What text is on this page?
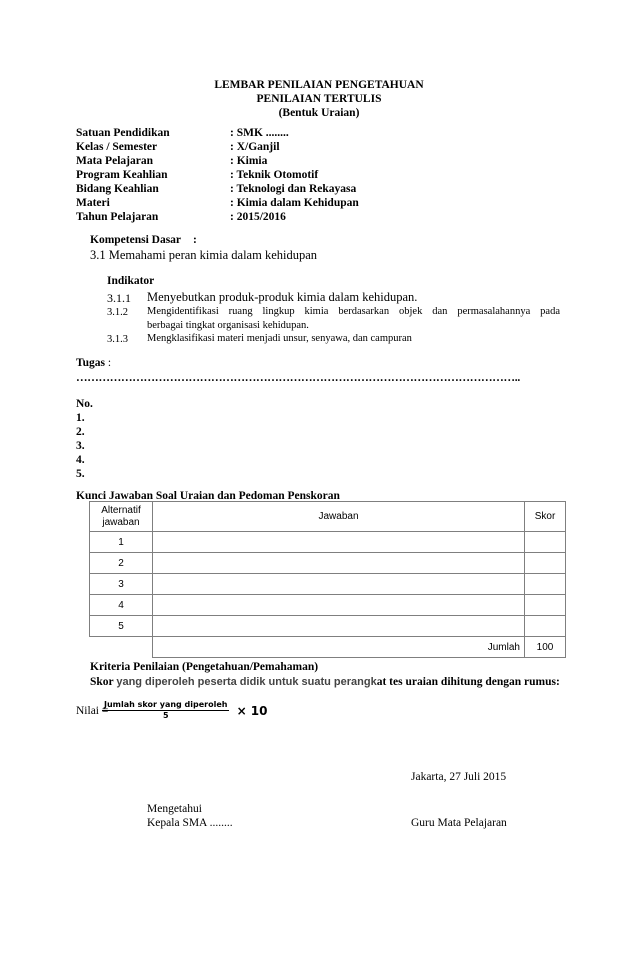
LEMBAR PENILAIAN PENGETAHUAN
PENILAIAN TERTULIS
(Bentuk Uraian)
Satuan Pendidikan	: SMK ........
Kelas / Semester	: X/Ganjil
Mata Pelajaran	: Kimia
Program Keahlian	: Teknik Otomotif
Bidang Keahlian	: Teknologi dan Rekayasa
Materi	: Kimia dalam Kehidupan
Tahun Pelajaran	: 2015/2016
Kompetensi Dasar :
3.1 Memahami peran kimia dalam kehidupan
Indikator
3.1.1 Menyebutkan produk-produk kimia dalam kehidupan.
3.1.2 Mengidentifikasi ruang lingkup kimia berdasarkan objek dan permasalahannya pada
berbagai tingkat organisasi kehidupan.
3.1.3 Mengklasifikasi materi menjadi unsur, senyawa, dan campuran
Tugas :
………………………………………………………………………………………………………..
No.
1.
2.
3.
4.
5.
Kunci Jawaban Soal Uraian dan Pedoman Penskoran
Alternatif
jawaban	Jawaban	Skor
1		
2		
3		
4		
5		
	Jumlah	100
Kriteria Penilaian (Pengetahuan/Pemahaman)
Skor yang diperoleh peserta didik untuk suatu perangkat tes uraian dihitung dengan rumus:
Nilai =
Jumlah skor yang diperoleh
5	× 10
Jakarta, 27 Juli 2015
Mengetahui
Kepala SMA ........	Guru Mata Pelajaran
